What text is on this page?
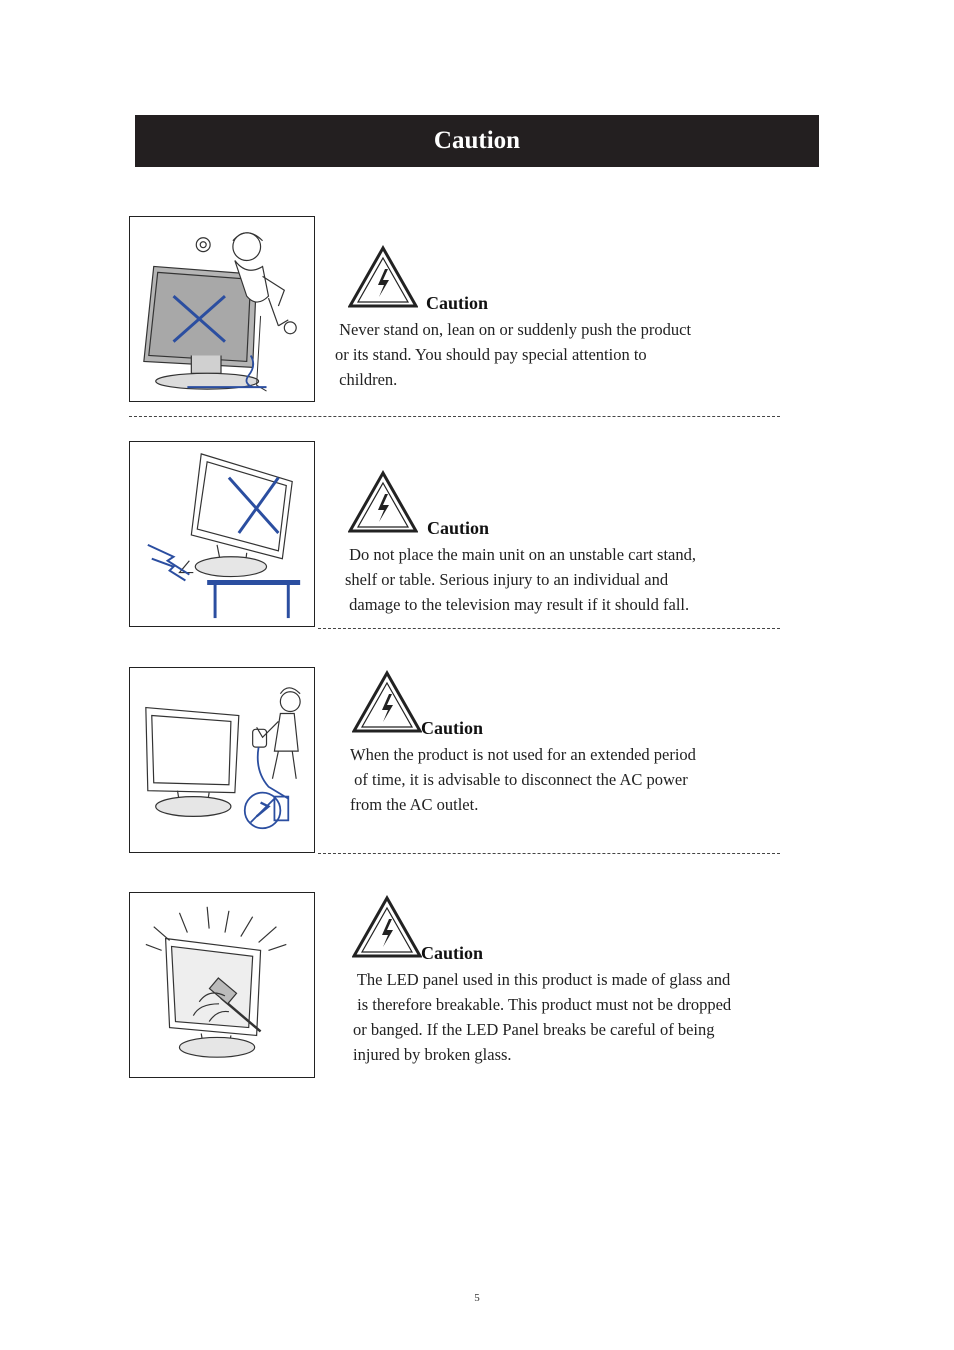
Caution
Caution
Never stand on, lean on or suddenly push the product
or its stand. You should pay special attention to
children.
Caution
Do not place the main unit on an unstable cart stand,
shelf or table. Serious injury to an individual and
damage to the television may result if it should fall.
Caution
When the product is not used for an extended period
of time, it is advisable to disconnect the AC power
from the AC outlet.
Caution
The LED panel used in this product is made of glass and
is therefore breakable. This product must not be dropped
or banged. If the LED Panel breaks be careful of being
injured by broken glass.
5
